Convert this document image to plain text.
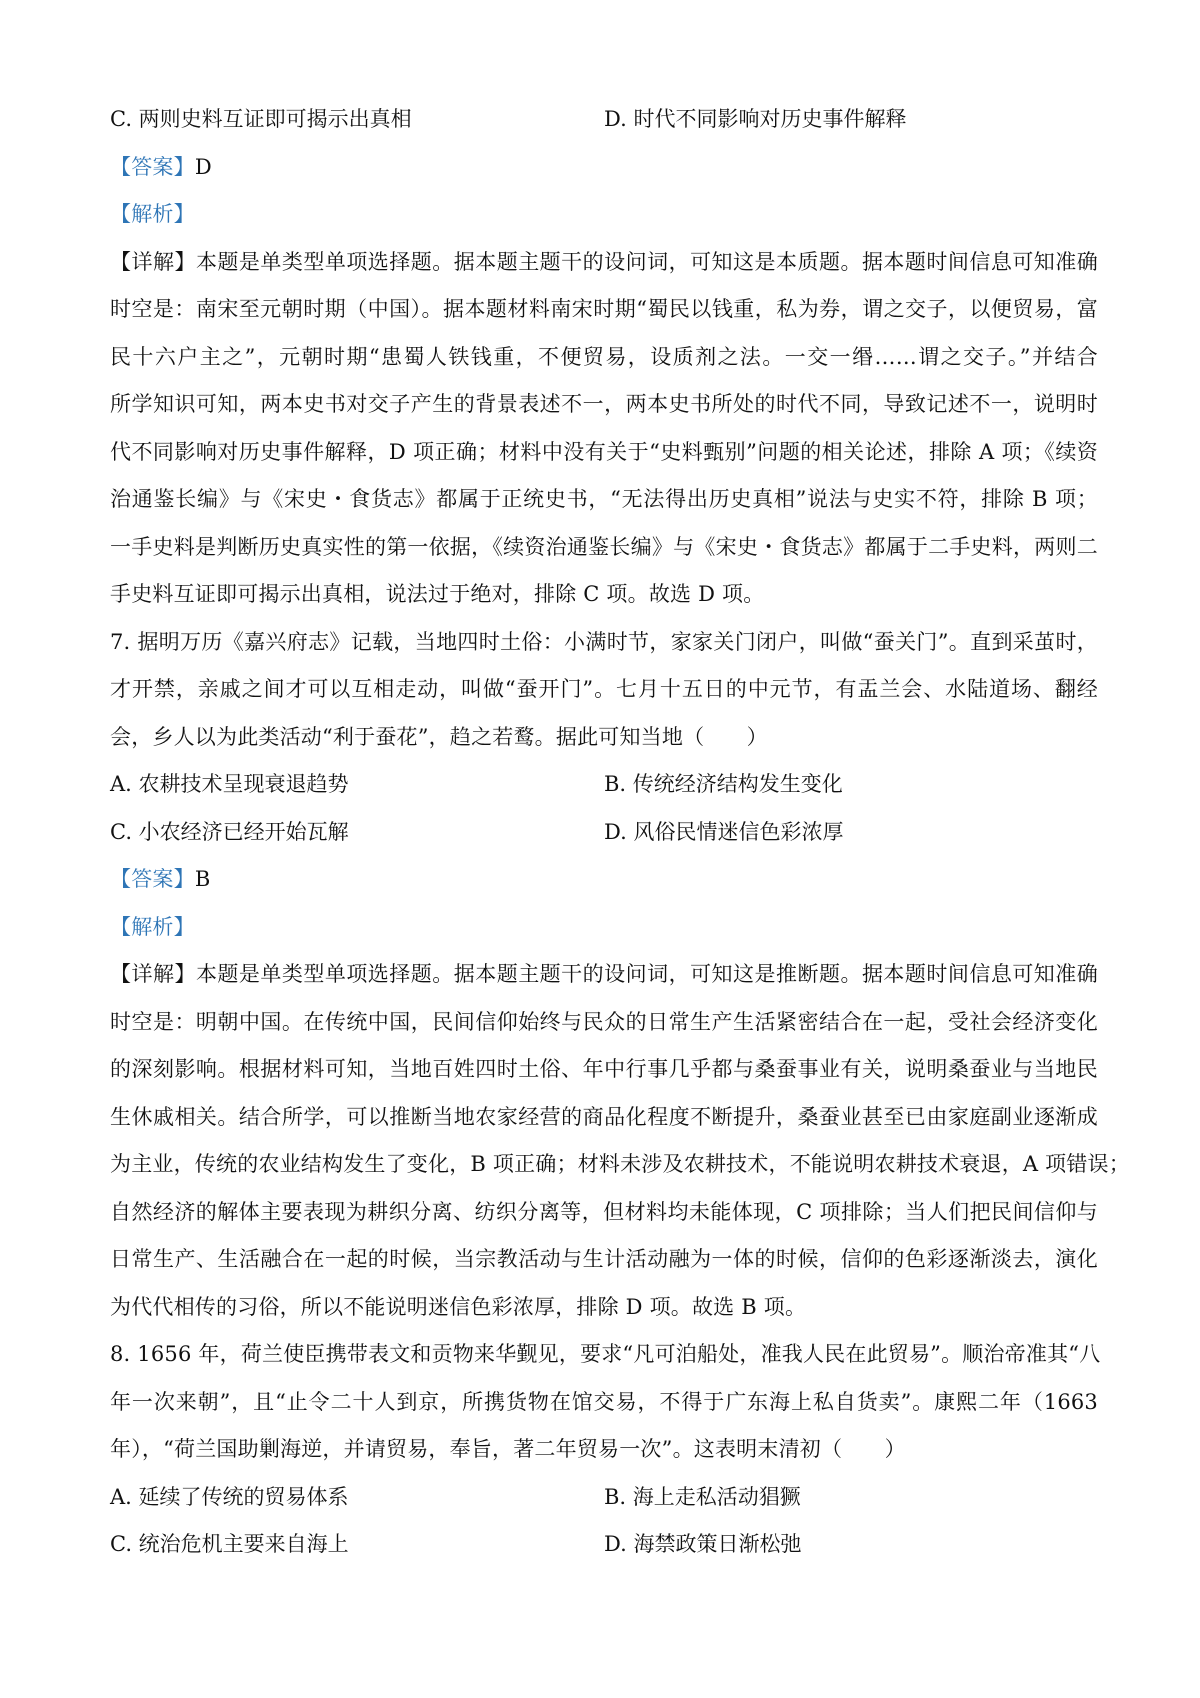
C. 两则史料互证即可揭示出真相	D. 时代不同影响对历史事件解释
【答案】D
【解析】
【详解】本题是单类型单项选择题。据本题主题干的设问词，可知这是本质题。据本题时间信息可知准确
时空是：南宋至元朝时期（中国）。据本题材料南宋时期“蜀民以钱重，私为券，谓之交子，以便贸易，富
民十六户主之”，元朝时期“患蜀人铁钱重，不便贸易，设质剂之法。一交一缗……谓之交子。”并结合
所学知识可知，两本史书对交子产生的背景表述不一，两本史书所处的时代不同，导致记述不一，说明时
代不同影响对历史事件解释，D 项正确；材料中没有关于“史料甄别”问题的相关论述，排除 A 项；《续资
治通鉴长编》与《宋史・食货志》都属于正统史书，“无法得出历史真相”说法与史实不符，排除 B 项；
一手史料是判断历史真实性的第一依据，《续资治通鉴长编》与《宋史・食货志》都属于二手史料，两则二
手史料互证即可揭示出真相，说法过于绝对，排除 C 项。故选 D 项。
7. 据明万历《嘉兴府志》记载，当地四时土俗：小满时节，家家关门闭户，叫做“蚕关门”。直到采茧时，
才开禁，亲戚之间才可以互相走动，叫做“蚕开门”。七月十五日的中元节，有盂兰会、水陆道场、翻经
会，乡人以为此类活动“利于蚕花”，趋之若鹜。据此可知当地（　　）
A. 农耕技术呈现衰退趋势	B. 传统经济结构发生变化
C. 小农经济已经开始瓦解	D. 风俗民情迷信色彩浓厚
【答案】B
【解析】
【详解】本题是单类型单项选择题。据本题主题干的设问词，可知这是推断题。据本题时间信息可知准确
时空是：明朝中国。在传统中国，民间信仰始终与民众的日常生产生活紧密结合在一起，受社会经济变化
的深刻影响。根据材料可知，当地百姓四时土俗、年中行事几乎都与桑蚕事业有关，说明桑蚕业与当地民
生休戚相关。结合所学，可以推断当地农家经营的商品化程度不断提升，桑蚕业甚至已由家庭副业逐渐成
为主业，传统的农业结构发生了变化，B 项正确；材料未涉及农耕技术，不能说明农耕技术衰退，A 项错误；
自然经济的解体主要表现为耕织分离、纺织分离等，但材料均未能体现，C 项排除；当人们把民间信仰与
日常生产、生活融合在一起的时候，当宗教活动与生计活动融为一体的时候，信仰的色彩逐渐淡去，演化
为代代相传的习俗，所以不能说明迷信色彩浓厚，排除 D 项。故选 B 项。
8. 1656 年，荷兰使臣携带表文和贡物来华觐见，要求“凡可泊船处，准我人民在此贸易”。顺治帝准其“八
年一次来朝”，且“止令二十人到京，所携货物在馆交易，不得于广东海上私自货卖”。康熙二年（1663
年），“荷兰国助剿海逆，并请贸易，奉旨，著二年贸易一次”。这表明末清初（　　）
A. 延续了传统的贸易体系	B. 海上走私活动猖獗
C. 统治危机主要来自海上	D. 海禁政策日渐松弛
